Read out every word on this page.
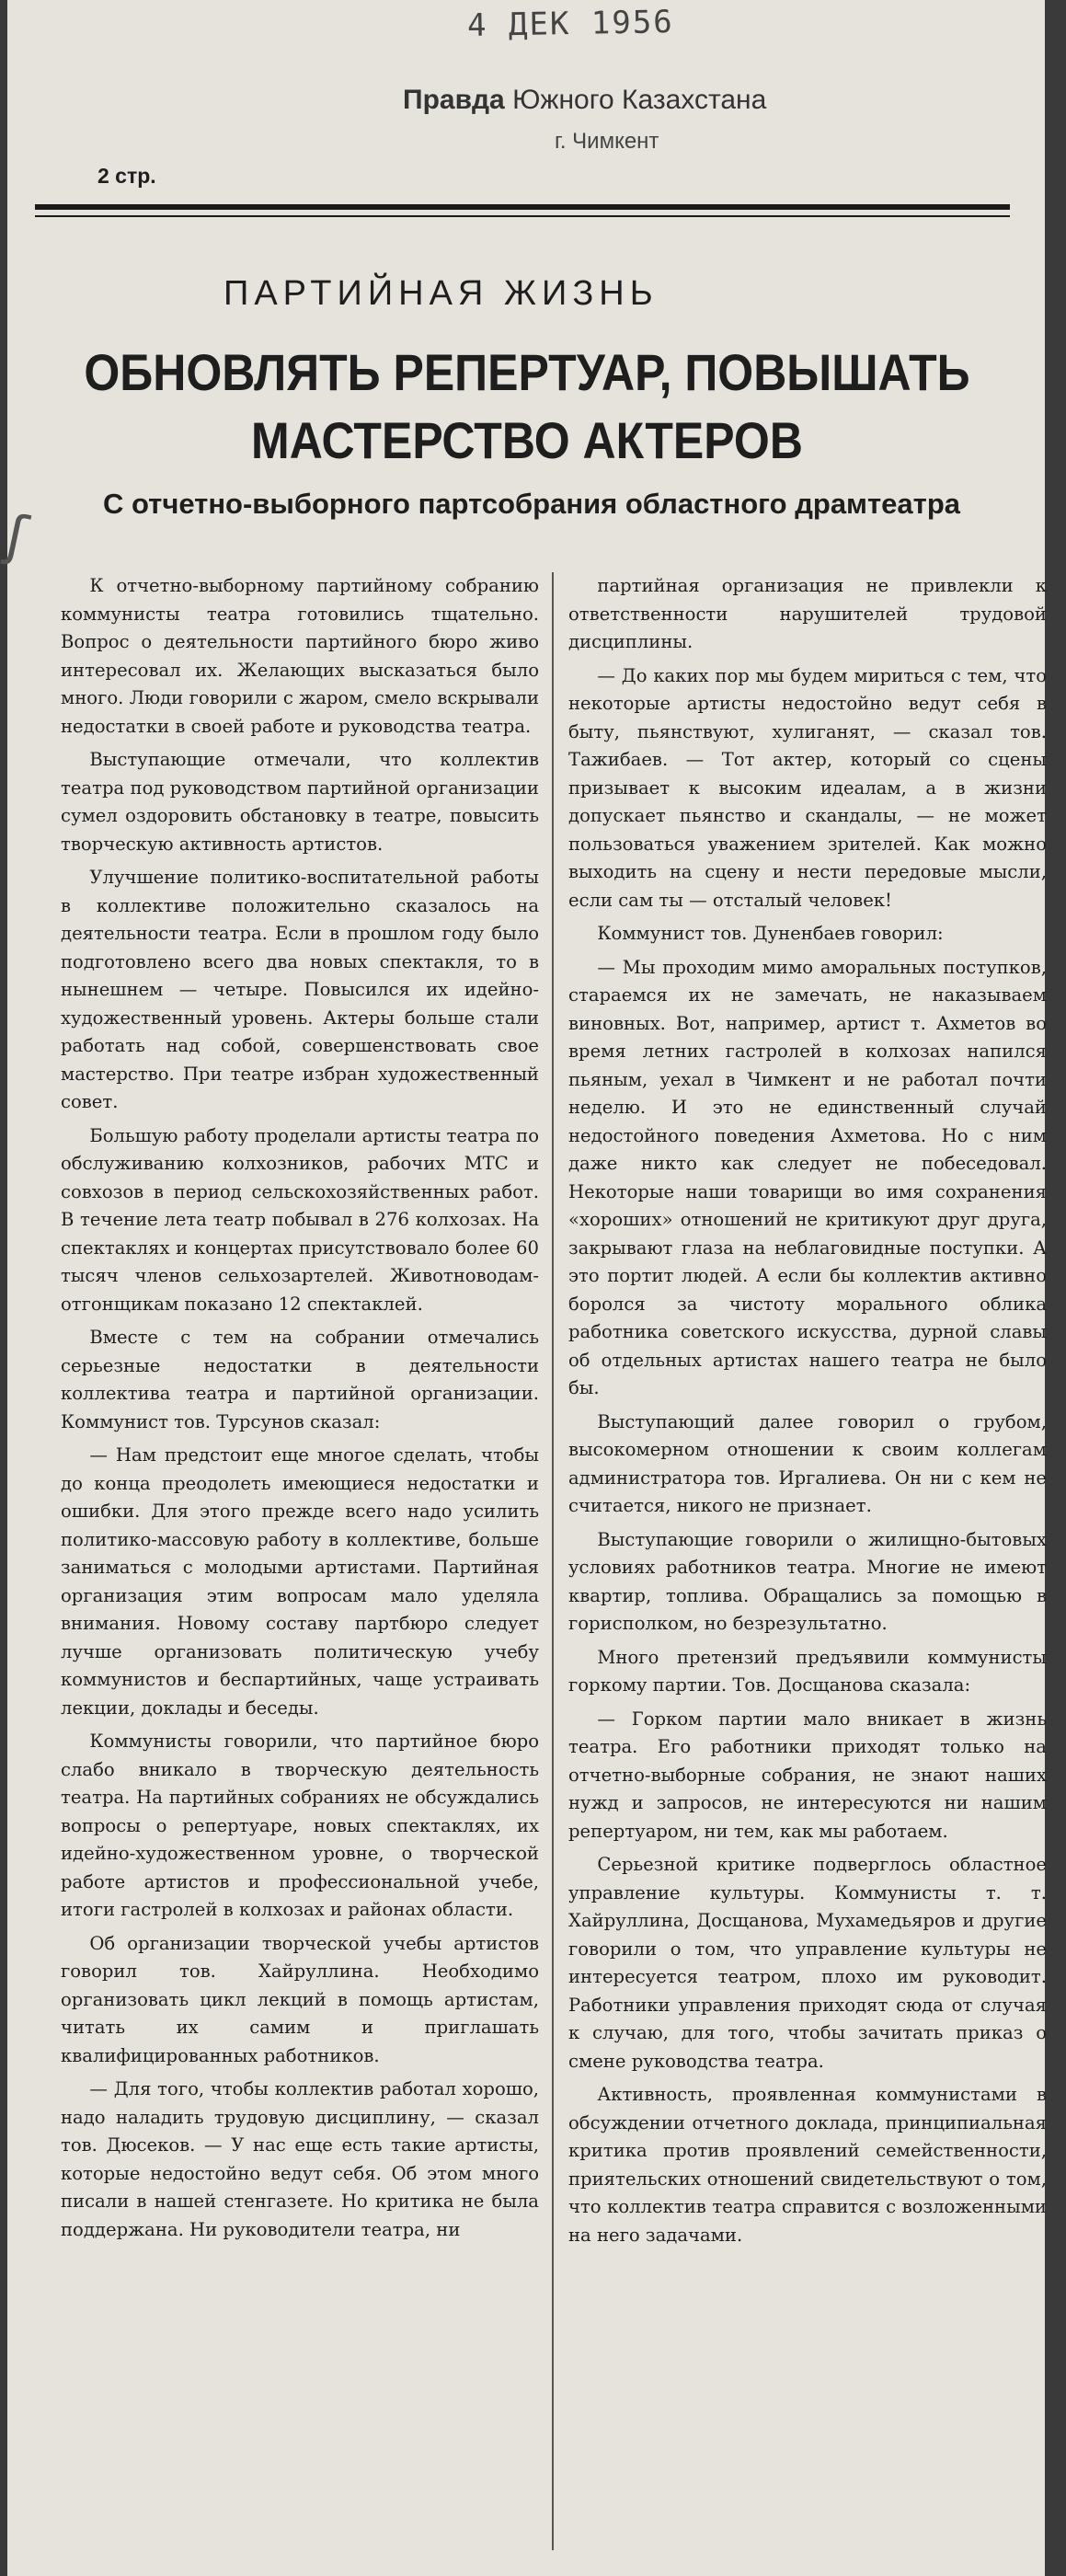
4 ДЕК 1956
Правда Южного Казахстана
г. Чимкент
2 стр.
ʃ
ПАРТИЙНАЯ ЖИЗНЬ
ОБНОВЛЯТЬ РЕПЕРТУАР, ПОВЫШАТЬ
МАСТЕРСТВО АКТЕРОВ
С отчетно-выборного партсобрания областного драмтеатра

К отчетно-выборному партийному собранию коммунисты театра готовились тщательно. Вопрос о деятельности партийного бюро живо интересовал их. Желающих высказаться было много. Люди говорили с жаром, смело вскрывали недостатки в своей работе и руководства театра.

Выступающие отмечали, что коллектив театра под руководством партийной организации сумел оздоровить обстановку в театре, повысить творческую активность артистов.

Улучшение политико-воспитательной работы в коллективе положительно сказалось на деятельности театра. Если в прошлом году было подготовлено всего два новых спектакля, то в нынешнем — четыре. Повысился их идейно-художественный уровень. Актеры больше стали работать над собой, совершенствовать свое мастерство. При театре избран художественный совет.

Большую работу проделали артисты театра по обслуживанию колхозников, рабочих МТС и совхозов в период сельскохозяйственных работ. В течение лета театр побывал в 276 колхозах. На спектаклях и концертах присутствовало более 60 тысяч членов сельхозартелей. Животноводам-отгонщикам показано 12 спектаклей.

Вместе с тем на собрании отмечались серьезные недостатки в деятельности коллектива театра и партийной организации. Коммунист тов. Турсунов сказал:

— Нам предстоит еще многое сделать, чтобы до конца преодолеть имеющиеся недостатки и ошибки. Для этого прежде всего надо усилить политико-массовую работу в коллективе, больше заниматься с молодыми артистами. Партийная организация этим вопросам мало уделяла внимания. Новому составу партбюро следует лучше организовать политическую учебу коммунистов и беспартийных, чаще устраивать лекции, доклады и беседы.

Коммунисты говорили, что партийное бюро слабо вникало в творческую деятельность театра. На партийных собраниях не обсуждались вопросы о репертуаре, новых спектаклях, их идейно-художественном уровне, о творческой работе артистов и профессиональной учебе, итоги гастролей в колхозах и районах области.

Об организации творческой учебы артистов говорил тов. Хайруллина. Необходимо организовать цикл лекций в помощь артистам, читать их самим и приглашать квалифицированных работников.

— Для того, чтобы коллектив работал хорошо, надо наладить трудовую дисциплину, — сказал тов. Дюсеков. — У нас еще есть такие артисты, которые недостойно ведут себя. Об этом много писали в нашей стенгазете. Но критика не была поддержана. Ни руководители театра, ни

партийная организация не привлекли к ответственности нарушителей трудовой дисциплины.

— До каких пор мы будем мириться с тем, что некоторые артисты недостойно ведут себя в быту, пьянствуют, хулиганят, — сказал тов. Тажибаев. — Тот актер, который со сцены призывает к высоким идеалам, а в жизни допускает пьянство и скандалы, — не может пользоваться уважением зрителей. Как можно выходить на сцену и нести передовые мысли, если сам ты — отсталый человек!

Коммунист тов. Дуненбаев говорил:

— Мы проходим мимо аморальных поступков, стараемся их не замечать, не наказываем виновных. Вот, например, артист т. Ахметов во время летних гастролей в колхозах напился пьяным, уехал в Чимкент и не работал почти неделю. И это не единственный случай недостойного поведения Ахметова. Но с ним даже никто как следует не побеседовал. Некоторые наши товарищи во имя сохранения «хороших» отношений не критикуют друг друга, закрывают глаза на неблаговидные поступки. А это портит людей. А если бы коллектив активно боролся за чистоту морального облика работника советского искусства, дурной славы об отдельных артистах нашего театра не было бы.

Выступающий далее говорил о грубом, высокомерном отношении к своим коллегам администратора тов. Иргалиева. Он ни с кем не считается, никого не признает.

Выступающие говорили о жилищно-бытовых условиях работников театра. Многие не имеют квартир, топлива. Обращались за помощью в горисполком, но безрезультатно.

Много претензий предъявили коммунисты горкому партии. Тов. Досщанова сказала:

— Горком партии мало вникает в жизнь театра. Его работники приходят только на отчетно-выборные собрания, не знают наших нужд и запросов, не интересуются ни нашим репертуаром, ни тем, как мы работаем.

Серьезной критике подверглось областное управление культуры. Коммунисты т. т. Хайруллина, Досщанова, Мухамедьяров и другие говорили о том, что управление культуры не интересуется театром, плохо им руководит. Работники управления приходят сюда от случая к случаю, для того, чтобы зачитать приказ о смене руководства театра.

Активность, проявленная коммунистами в обсуждении отчетного доклада, принципиальная критика против проявлений семейственности, приятельских отношений свидетельствуют о том, что коллектив театра справится с возложенными на него задачами.
